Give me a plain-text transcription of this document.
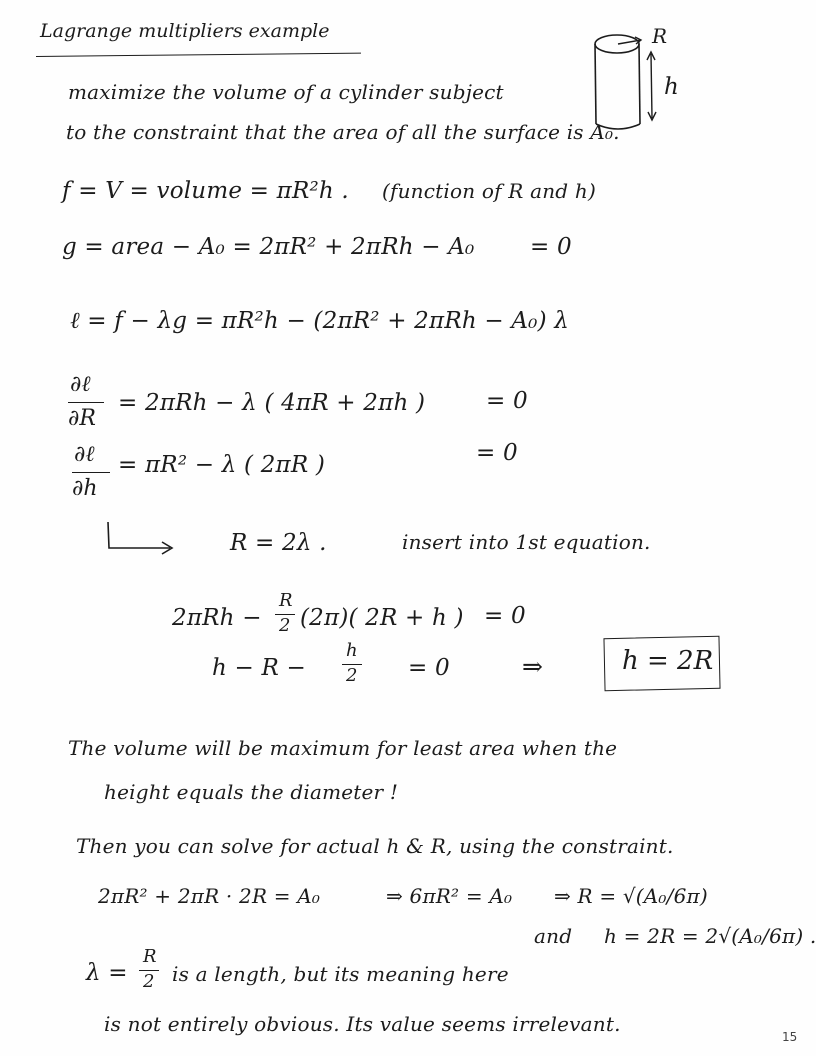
Lagrange multipliers example	R
h
maximize the volume of a cylinder subject
to the constraint that the area of all the surface is A₀.
f = V = volume = πR²h . (function of R and h)
g = area − A₀ = 2πR² + 2πRh − A₀ = 0
ℓ = f − λg = πR²h − (2πR² + 2πRh − A₀) λ
∂ℓ
∂R
= 2πRh − λ ( 4πR + 2πh )	= 0
∂ℓ
∂h
= πR² − λ ( 2πR )	= 0
R = 2λ .	insert into 1st equation.
2πRh −
R
2 (2π)( 2R + h ) = 0
h − R −
h
2 = 0	⇒	h = 2R
The volume will be maximum for least area when the
height equals the diameter !
Then you can solve for actual h & R, using the constraint.
2πR² + 2πR · 2R = A₀	⇒ 6πR² = A₀ ⇒ R = √(A₀/6π)
and h = 2R = 2√(A₀/6π) .
λ =
R
2 is a length, but its meaning here
is not entirely obvious. Its value seems irrelevant.
15
